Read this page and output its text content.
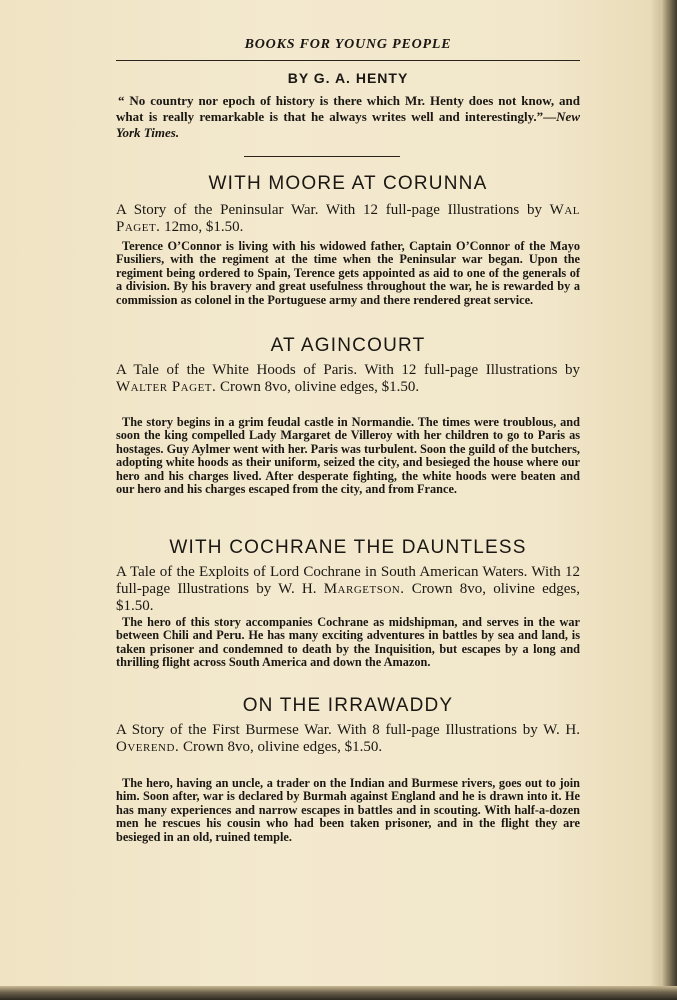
BOOKS FOR YOUNG PEOPLE
BY G. A. HENTY
“ No country nor epoch of history is there which Mr. Henty does not know, and what is really remarkable is that he always writes well and interestingly.”—New York Times.
WITH MOORE AT CORUNNA
A Story of the Peninsular War. With 12 full-page Illustrations by Wal Paget. 12mo, $1.50.
Terence O’Connor is living with his widowed father, Captain O’Connor of the Mayo Fusiliers, with the regiment at the time when the Peninsular war began. Upon the regiment being ordered to Spain, Terence gets appointed as aid to one of the generals of a division. By his bravery and great usefulness throughout the war, he is rewarded by a commission as colonel in the Portuguese army and there rendered great service.
AT AGINCOURT
A Tale of the White Hoods of Paris. With 12 full-page Illustrations by Walter Paget. Crown 8vo, olivine edges, $1.50.
The story begins in a grim feudal castle in Normandie. The times were troublous, and soon the king compelled Lady Margaret de Villeroy with her children to go to Paris as hostages. Guy Aylmer went with her. Paris was turbulent. Soon the guild of the butchers, adopting white hoods as their uniform, seized the city, and besieged the house where our hero and his charges lived. After desperate fighting, the white hoods were beaten and our hero and his charges escaped from the city, and from France.
WITH COCHRANE THE DAUNTLESS
A Tale of the Exploits of Lord Cochrane in South American Waters. With 12 full-page Illustrations by W. H. Margetson. Crown 8vo, olivine edges, $1.50.
The hero of this story accompanies Cochrane as midshipman, and serves in the war between Chili and Peru. He has many exciting adventures in battles by sea and land, is taken prisoner and condemned to death by the Inquisition, but escapes by a long and thrilling flight across South America and down the Amazon.
ON THE IRRAWADDY
A Story of the First Burmese War. With 8 full-page Illustrations by W. H. Overend. Crown 8vo, olivine edges, $1.50.
The hero, having an uncle, a trader on the Indian and Burmese rivers, goes out to join him. Soon after, war is declared by Burmah against England and he is drawn into it. He has many experiences and narrow escapes in battles and in scouting. With half-a-dozen men he rescues his cousin who had been taken prisoner, and in the flight they are besieged in an old, ruined temple.
